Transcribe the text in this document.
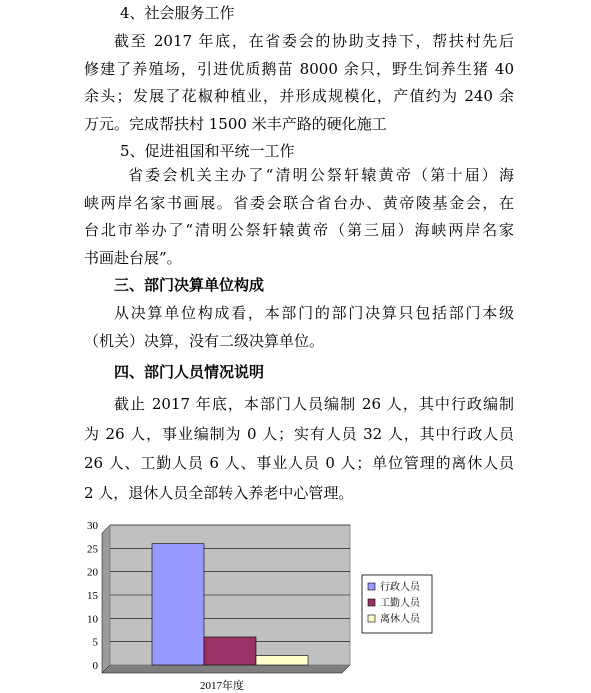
4、社会服务工作
截至 2017 年底，在省委会的协助支持下，帮扶村先后
修建了养殖场，引进优质鹅苗 8000 余只，野生饲养生猪 40
余头；发展了花椒种植业，并形成规模化，产值约为 240 余
万元。完成帮扶村 1500 米丰产路的硬化施工
5、促进祖国和平统一工作
省委会机关主办了“清明公祭轩辕黄帝（第十届）海
峡两岸名家书画展。省委会联合省台办、黄帝陵基金会，在
台北市举办了“清明公祭轩辕黄帝（第三届）海峡两岸名家
书画赴台展”。
三、部门决算单位构成
从决算单位构成看，本部门的部门决算只包括部门本级
（机关）决算，没有二级决算单位。
四、部门人员情况说明
截止 2017 年底，本部门人员编制 26 人，其中行政编制
为 26 人，事业编制为 0 人；实有人员 32 人，其中行政人员
26 人、工勤人员 6 人、事业人员 0 人；单位管理的离休人员
2 人，退休人员全部转入养老中心管理。
0
5
10
15
20
25
30
2017年度
行政人员
工勤人员
离休人员
